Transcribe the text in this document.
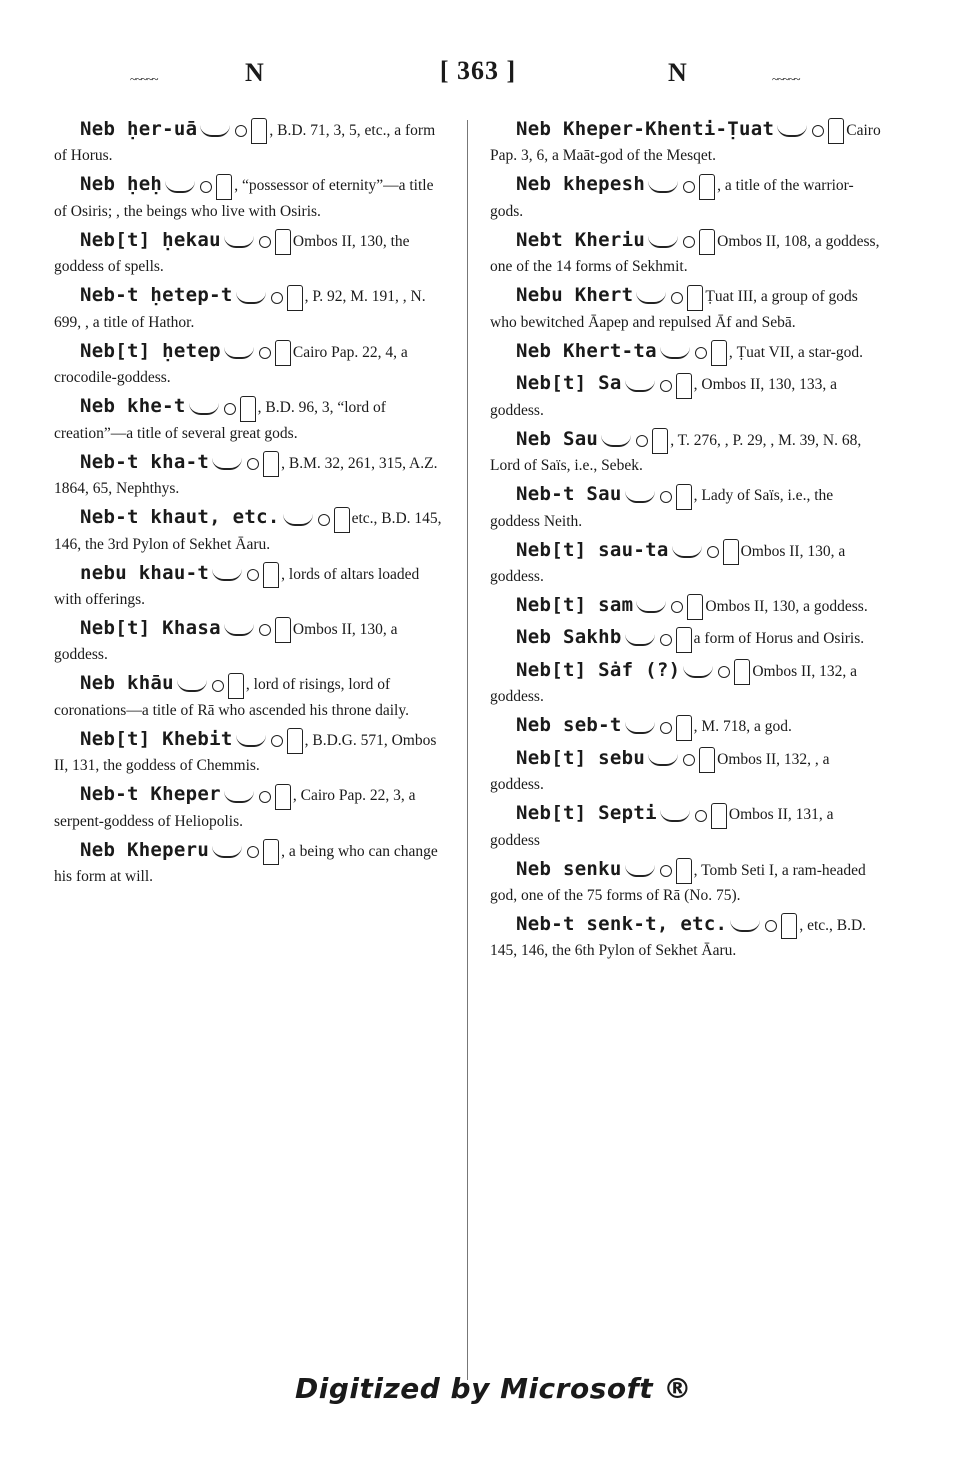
~~~~~	N	[ 363 ]	N	~~~~~
Neb ḥer-uā	, B.D. 71, 3, 5, etc., a form of Horus.
Neb ḥeḥ	, “possessor of eternity”—a title of Osiris; , the beings who live with Osiris.
Neb[t] ḥekau	Ombos II, 130, the goddess of spells.
Neb-t ḥetep-t	, P. 92, M. 191, , N. 699, , a title of Hathor.
Neb[t] ḥetep	Cairo Pap. 22, 4, a crocodile-goddess.
Neb khe-t	, B.D. 96, 3, “lord of creation”—a title of several great gods.
Neb-t kha-t	, B.M. 32, 261, 315, A.Z. 1864, 65, Nephthys.
Neb-t khaut, etc.	etc., B.D. 145, 146, the 3rd Pylon of Sekhet Āaru.
nebu khau-t	, lords of altars loaded with offerings.
Neb[t] Khasa	Ombos II, 130, a goddess.
Neb khāu	, lord of risings, lord of coronations—a title of Rā who ascended his throne daily.
Neb[t] Khebit	, B.D.G. 571, Ombos II, 131, the goddess of Chemmis.
Neb-t Kheper	, Cairo Pap. 22, 3, a serpent-goddess of Heliopolis.
Neb Kheperu	, a being who can change his form at will.
Neb Kheper-Khenti-Ṭuat	Cairo Pap. 3, 6, a Maāt-god of the Mesqet.
Neb khepesh	, a title of the warrior-gods.
Nebt Kheriu	Ombos II, 108, a goddess, one of the 14 forms of Sekhmit.
Nebu Khert	Ṭuat III, a group of gods who bewitched Āapep and repulsed Āf and Sebā.
Neb Khert-ta	, Ṭuat VII, a star-god.
Neb[t] Sa	, Ombos II, 130, 133, a goddess.
Neb Sau	, T. 276, , P. 29, , M. 39, N. 68, Lord of Saïs, i.e., Sebek.
Neb-t Sau	, Lady of Saïs, i.e., the goddess Neith.
Neb[t] sau-ta	Ombos II, 130, a goddess.
Neb[t] sam	Ombos II, 130, a goddess.
Neb Sakhb	a form of Horus and Osiris.
Neb[t] Sȧf (?)	Ombos II, 132, a goddess.
Neb seb-t	, M. 718, a god.
Neb[t] sebu	Ombos II, 132, , a goddess.
Neb[t] Septi	Ombos II, 131, a goddess
Neb senku	, Tomb Seti I, a ram-headed god, one of the 75 forms of Rā (No. 75).
Neb-t senk-t, etc.	, etc., B.D. 145, 146, the 6th Pylon of Sekhet Āaru.
Digitized by Microsoft ®
